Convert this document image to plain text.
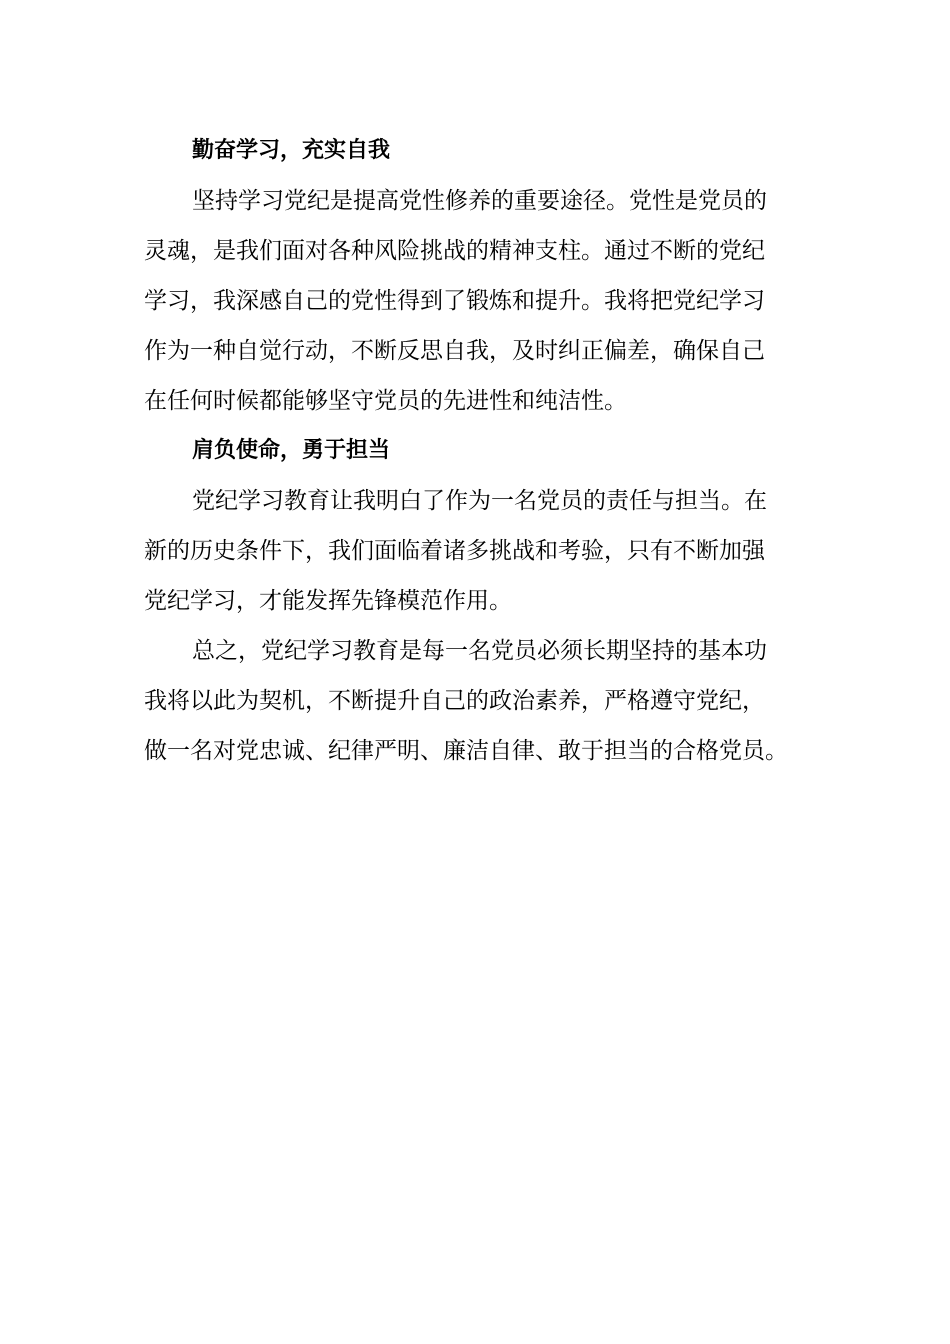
勤奋学习，充实自我

坚持学习党纪是提高党性修养的重要途径。党性是党员的
灵魂，是我们面对各种风险挑战的精神支柱。通过不断的党纪
学习，我深感自己的党性得到了锻炼和提升。我将把党纪学习
作为一种自觉行动，不断反思自我，及时纠正偏差，确保自己
在任何时候都能够坚守党员的先进性和纯洁性。

肩负使命，勇于担当

党纪学习教育让我明白了作为一名党员的责任与担当。在
新的历史条件下，我们面临着诸多挑战和考验，只有不断加强
党纪学习，才能发挥先锋模范作用。

总之，党纪学习教育是每一名党员必须长期坚持的基本功
我将以此为契机，不断提升自己的政治素养，严格遵守党纪，
做一名对党忠诚、纪律严明、廉洁自律、敢于担当的合格党员。
